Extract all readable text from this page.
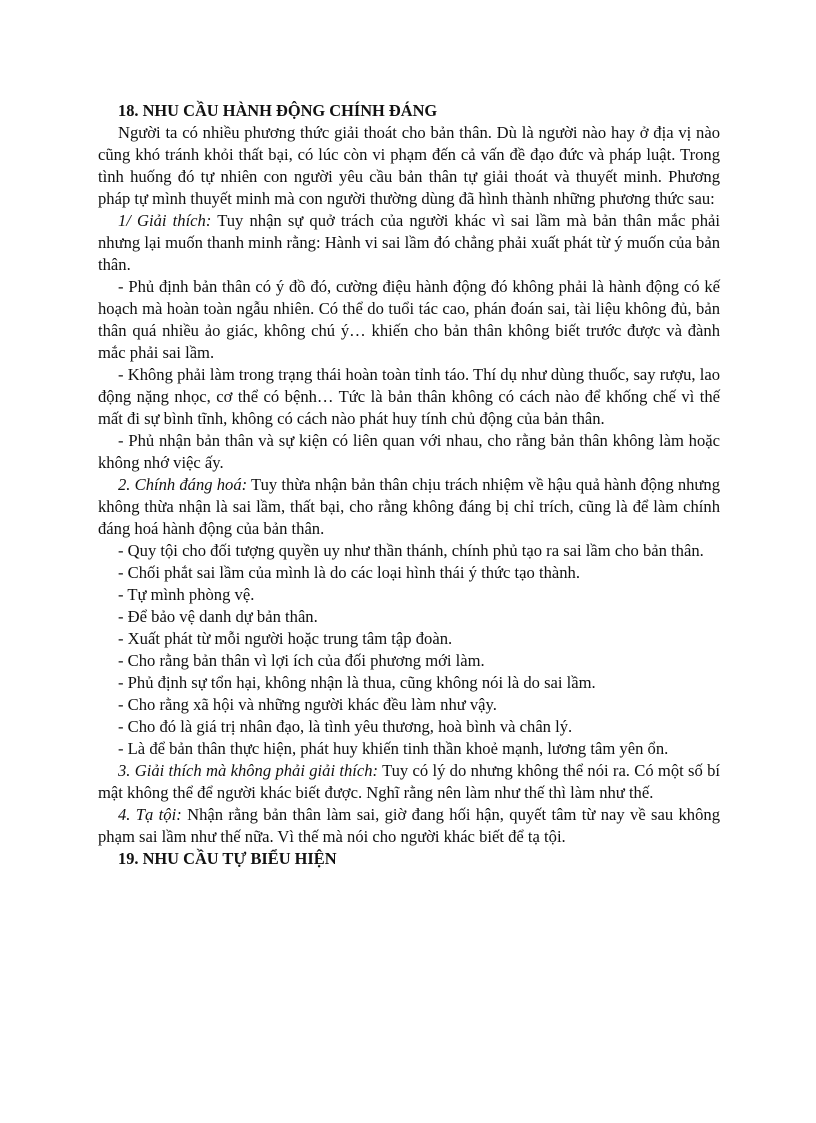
18. NHU CẦU HÀNH ĐỘNG CHÍNH ĐÁNG

Người ta có nhiều phương thức giải thoát cho bản thân. Dù là người nào hay ở địa vị nào cũng khó tránh khỏi thất bại, có lúc còn vi phạm đến cả vấn đề đạo đức và pháp luật. Trong tình huống đó tự nhiên con người yêu cầu bản thân tự giải thoát và thuyết minh. Phương pháp tự mình thuyết minh mà con người thường dùng đã hình thành những phương thức sau:

1/ Giải thích: Tuy nhận sự quở trách của người khác vì sai lầm mà bản thân mắc phải nhưng lại muốn thanh minh rằng: Hành vi sai lầm đó chẳng phải xuất phát từ ý muốn của bản thân.

- Phủ định bản thân có ý đồ đó, cường điệu hành động đó không phải là hành động có kế hoạch mà hoàn toàn ngẫu nhiên. Có thể do tuổi tác cao, phán đoán sai, tài liệu không đủ, bản thân quá nhiều ảo giác, không chú ý… khiến cho bản thân không biết trước được và đành mắc phải sai lầm.

- Không phải làm trong trạng thái hoàn toàn tỉnh táo. Thí dụ như dùng thuốc, say rượu, lao động nặng nhọc, cơ thể có bệnh… Tức là bản thân không có cách nào để khống chế vì thế mất đi sự bình tĩnh, không có cách nào phát huy tính chủ động của bản thân.

- Phủ nhận bản thân và sự kiện có liên quan với nhau, cho rằng bản thân không làm hoặc không nhớ việc ấy.

2. Chính đáng hoá: Tuy thừa nhận bản thân chịu trách nhiệm về hậu quả hành động nhưng không thừa nhận là sai lầm, thất bại, cho rằng không đáng bị chỉ trích, cũng là để làm chính đáng hoá hành động của bản thân.

- Quy tội cho đối tượng quyền uy như thần thánh, chính phủ tạo ra sai lầm cho bản thân.

- Chối phắt sai lầm của mình là do các loại hình thái ý thức tạo thành.

- Tự mình phòng vệ.

- Để bảo vệ danh dự bản thân.

- Xuất phát từ mỗi người hoặc trung tâm tập đoàn.

- Cho rằng bản thân vì lợi ích của đối phương mới làm.

- Phủ định sự tổn hại, không nhận là thua, cũng không nói là do sai lầm.

- Cho rằng xã hội và những người khác đều làm như vậy.

- Cho đó là giá trị nhân đạo, là tình yêu thương, hoà bình và chân lý.

- Là để bản thân thực hiện, phát huy khiến tinh thần khoẻ mạnh, lương tâm yên ổn.

3. Giải thích mà không phải giải thích: Tuy có lý do nhưng không thể nói ra. Có một số bí mật không thể để người khác biết được. Nghĩ rằng nên làm như thế thì làm như thế.

4. Tạ tội: Nhận rằng bản thân làm sai, giờ đang hối hận, quyết tâm từ nay về sau không phạm sai lầm như thế nữa. Vì thế mà nói cho người khác biết để tạ tội.

19. NHU CẦU TỰ BIỂU HIỆN
